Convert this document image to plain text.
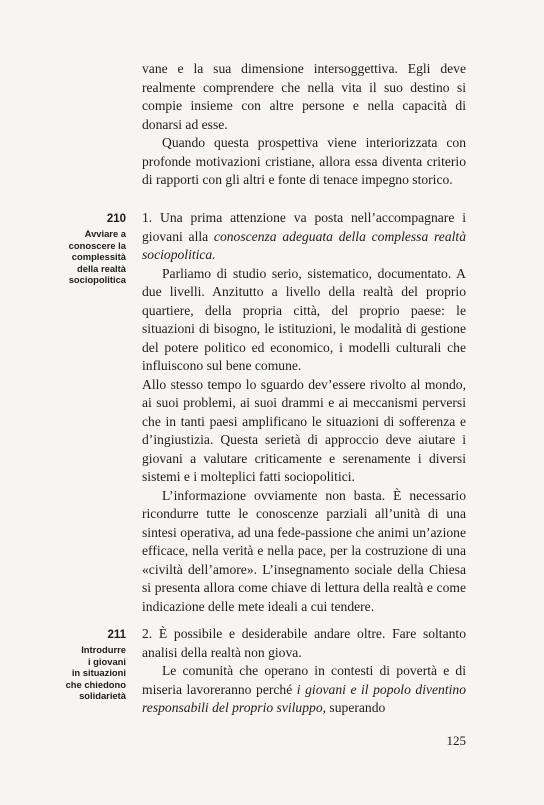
vane e la sua dimensione intersoggettiva. Egli deve realmente comprendere che nella vita il suo destino si compie insieme con altre persone e nella capacità di donarsi ad esse.

Quando questa prospettiva viene interiorizzata con profonde motivazioni cristiane, allora essa diventa criterio di rapporti con gli altri e fonte di tenace impegno storico.

210
Avviare a
conoscere la
complessità
della realtà
sociopolitica

1. Una prima attenzione va posta nell’accompagnare i giovani alla conoscenza adeguata della complessa realtà sociopolitica.

Parliamo di studio serio, sistematico, documentato. A due livelli. Anzitutto a livello della realtà del proprio quartiere, della propria città, del proprio paese: le situazioni di bisogno, le istituzioni, le modalità di gestione del potere politico ed economico, i modelli culturali che influiscono sul bene comune.

Allo stesso tempo lo sguardo dev’essere rivolto al mondo, ai suoi problemi, ai suoi drammi e ai meccanismi perversi che in tanti paesi amplificano le situazioni di sofferenza e d’ingiustizia. Questa serietà di approccio deve aiutare i giovani a valutare criticamente e serenamente i diversi sistemi e i molteplici fatti sociopolitici.

L’informazione ovviamente non basta. È necessario ricondurre tutte le conoscenze parziali all’unità di una sintesi operativa, ad una fede-passione che animi un’azione efficace, nella verità e nella pace, per la costruzione di una «civiltà dell’amore». L’insegnamento sociale della Chiesa si presenta allora come chiave di lettura della realtà e come indicazione delle mete ideali a cui tendere.

211
Introdurre
i giovani
in situazioni
che chiedono
solidarietà

2. È possibile e desiderabile andare oltre. Fare soltanto analisi della realtà non giova.

Le comunità che operano in contesti di povertà e di miseria lavoreranno perché i giovani e il popolo diventino responsabili del proprio sviluppo, superando

125
